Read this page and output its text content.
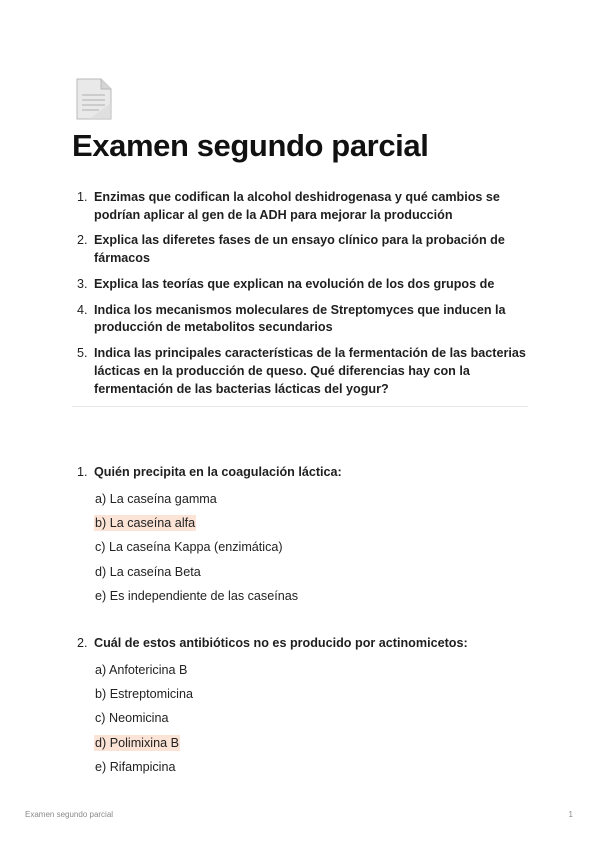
Examen segundo parcial
1. Enzimas que codifican la alcohol deshidrogenasa y qué cambios se podrían aplicar al gen de la ADH para mejorar la producción
2. Explica las diferetes fases de un ensayo clínico para la probación de fármacos
3. Explica las teorías que explican na evolución de los dos grupos de
4. Indica los mecanismos moleculares de Streptomyces que inducen la producción de metabolitos secundarios
5. Indica las principales características de la fermentación de las bacterias lácticas en la producción de queso. Qué diferencias hay con la fermentación de las bacterias lácticas del yogur?
1. Quién precipita en la coagulación láctica:
a) La caseína gamma
b) La caseína alfa
c) La caseína Kappa (enzimática)
d) La caseína Beta
e) Es independiente de las caseínas
2. Cuál de estos antibióticos no es producido por actinomicetos:
a) Anfotericina B
b) Estreptomicina
c) Neomicina
d) Polimixina B
e) Rifampicina
Examen segundo parcial	1
